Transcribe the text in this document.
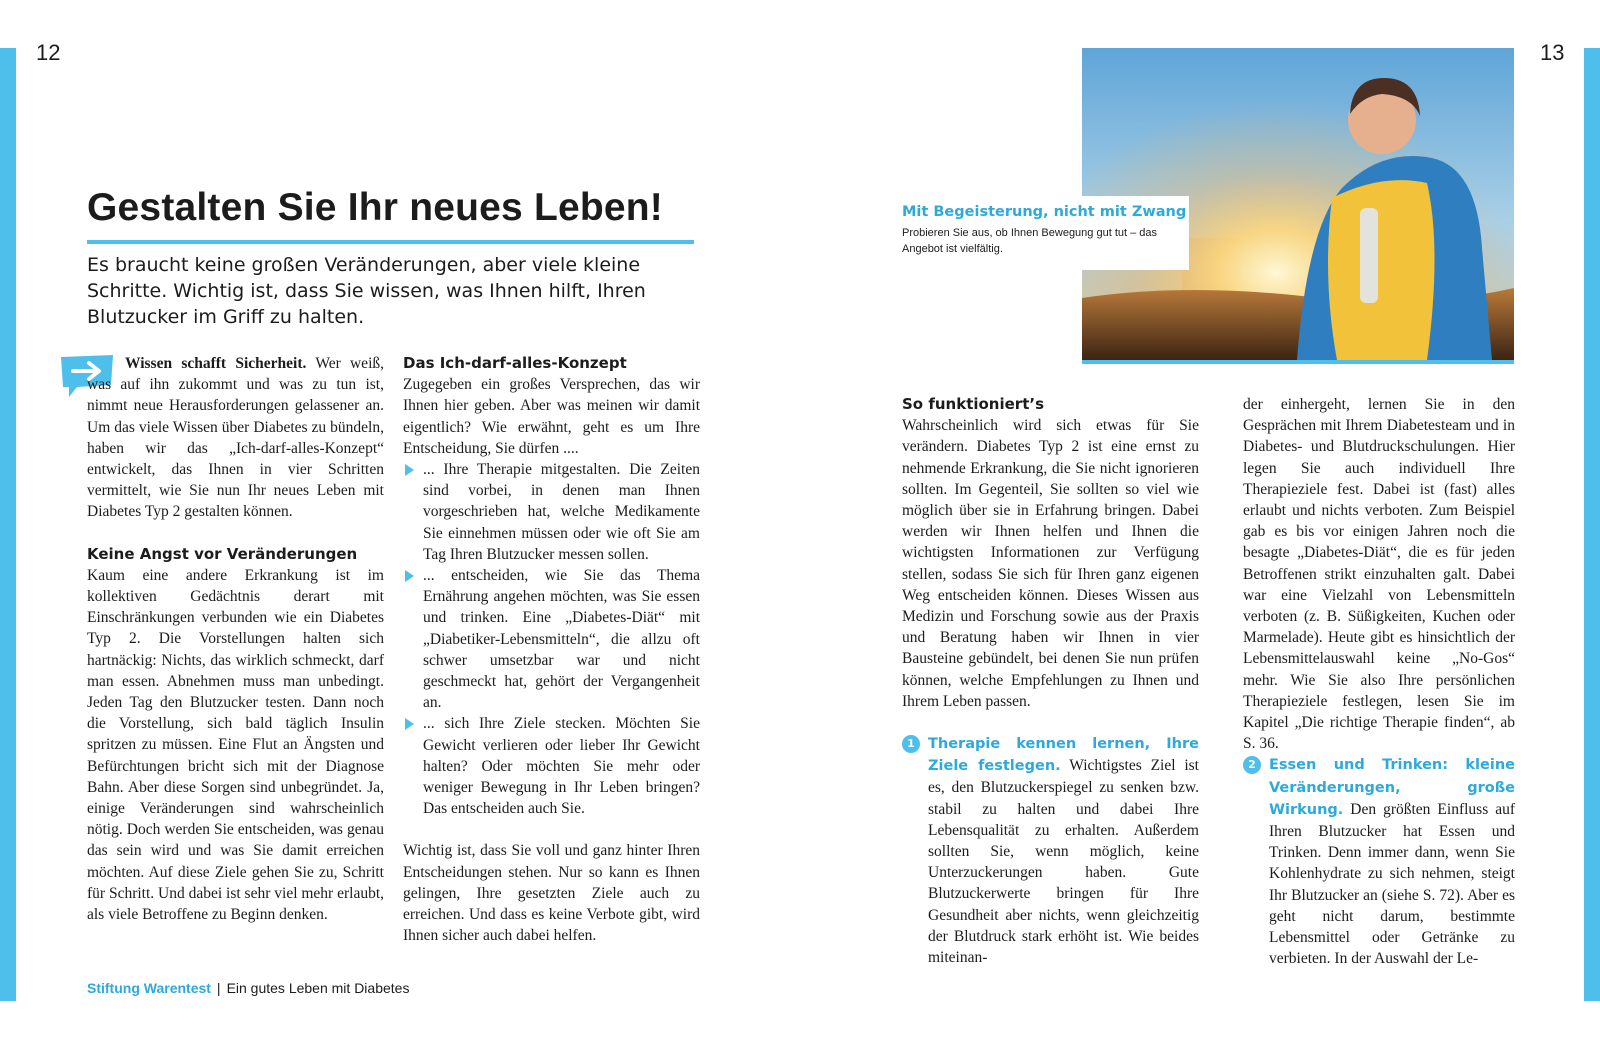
12	13
Gestalten Sie Ihr neues Leben!

Es braucht keine großen Veränderungen, aber viele kleine Schritte. Wichtig ist, dass Sie wissen, was Ihnen hilft, Ihren Blutzucker im Griff zu halten.

Wissen schafft Sicherheit. Wer weiß, was auf ihn zukommt und was zu tun ist, nimmt neue Herausforderungen gelassener an. Um das viele Wissen über Diabetes zu bündeln, haben wir das „Ich-darf-alles-Konzept“ entwickelt, das Ihnen in vier Schritten vermittelt, wie Sie nun Ihr neues Leben mit Diabetes Typ 2 gestalten können.

Keine Angst vor Veränderungen

Kaum eine andere Erkrankung ist im kollektiven Gedächtnis derart mit Einschränkungen verbunden wie ein Diabetes Typ 2. Die Vorstellungen halten sich hartnäckig: Nichts, das wirklich schmeckt, darf man essen. Abnehmen muss man unbedingt. Jeden Tag den Blutzucker testen. Dann noch die Vorstellung, sich bald täglich Insulin spritzen zu müssen. Eine Flut an Ängsten und Befürchtungen bricht sich mit der Diagnose Bahn. Aber diese Sorgen sind unbegründet. Ja, einige Veränderungen sind wahrscheinlich nötig. Doch werden Sie entscheiden, was genau das sein wird und was Sie damit erreichen möchten. Auf diese Ziele gehen Sie zu, Schritt für Schritt. Und dabei ist sehr viel mehr erlaubt, als viele Betroffene zu Beginn denken.

Das Ich-darf-alles-Konzept

Zugegeben ein großes Versprechen, das wir Ihnen hier geben. Aber was meinen wir damit eigentlich? Wie erwähnt, geht es um Ihre Entscheidung, Sie dürfen ....

... Ihre Therapie mitgestalten. Die Zeiten sind vorbei, in denen man Ihnen vorgeschrieben hat, welche Medikamente Sie einnehmen müssen oder wie oft Sie am Tag Ihren Blutzucker messen sollen.

... entscheiden, wie Sie das Thema Ernährung angehen möchten, was Sie essen und trinken. Eine „Diabetes-Diät“ mit „Diabetiker-Lebensmitteln“, die allzu oft schwer umsetzbar war und nicht geschmeckt hat, gehört der Vergangenheit an.

... sich Ihre Ziele stecken. Möchten Sie Gewicht verlieren oder lieber Ihr Gewicht halten? Oder möchten Sie mehr oder weniger Bewegung in Ihr Leben bringen? Das entscheiden auch Sie.

Wichtig ist, dass Sie voll und ganz hinter Ihren Entscheidungen stehen. Nur so kann es Ihnen gelingen, Ihre gesetzten Ziele auch zu erreichen. Und dass es keine Verbote gibt, wird Ihnen sicher auch dabei helfen.

Mit Begeisterung, nicht mit Zwang

Probieren Sie aus, ob Ihnen Bewegung gut tut – das Angebot ist vielfältig.

So funktioniert’s

Wahrscheinlich wird sich etwas für Sie verändern. Diabetes Typ 2 ist eine ernst zu nehmende Erkrankung, die Sie nicht ignorieren sollten. Im Gegenteil, Sie sollten so viel wie möglich über sie in Erfahrung bringen. Dabei werden wir Ihnen helfen und Ihnen die wichtigsten Informationen zur Verfügung stellen, sodass Sie sich für Ihren ganz eigenen Weg entscheiden können. Dieses Wissen aus Medizin und Forschung sowie aus der Praxis und Beratung haben wir Ihnen in vier Bausteine gebündelt, bei denen Sie nun prüfen können, welche Empfehlungen zu Ihnen und Ihrem Leben passen.

1 Therapie kennen lernen, Ihre Ziele festlegen. Wichtigstes Ziel ist es, den Blutzuckerspiegel zu senken bzw. stabil zu halten und dabei Ihre Lebensqualität zu erhalten. Außerdem sollten Sie, wenn möglich, keine Unterzuckerungen haben. Gute Blutzuckerwerte bringen für Ihre Gesundheit aber nichts, wenn gleichzeitig der Blutdruck stark erhöht ist. Wie beides miteinan-

der einhergeht, lernen Sie in den Gesprächen mit Ihrem Diabetesteam und in Diabetes- und Blutdruckschulungen. Hier legen Sie auch individuell Ihre Therapieziele fest. Dabei ist (fast) alles erlaubt und nichts verboten. Zum Beispiel gab es bis vor einigen Jahren noch die besagte „Diabetes-Diät“, die es für jeden Betroffenen strikt einzuhalten galt. Dabei war eine Vielzahl von Lebensmitteln verboten (z. B. Süßigkeiten, Kuchen oder Marmelade). Heute gibt es hinsichtlich der Lebensmittelauswahl keine „No-Gos“ mehr. Wie Sie also Ihre persönlichen Therapieziele festlegen, lesen Sie im Kapitel „Die richtige Therapie finden“, ab S. 36.

2 Essen und Trinken: kleine Veränderungen, große Wirkung. Den größten Einfluss auf Ihren Blutzucker hat Essen und Trinken. Denn immer dann, wenn Sie Kohlenhydrate zu sich nehmen, steigt Ihr Blutzucker an (siehe S. 72). Aber es geht nicht darum, bestimmte Lebensmittel oder Getränke zu verbieten. In der Auswahl der Le-

Stiftung Warentest | Ein gutes Leben mit Diabetes
